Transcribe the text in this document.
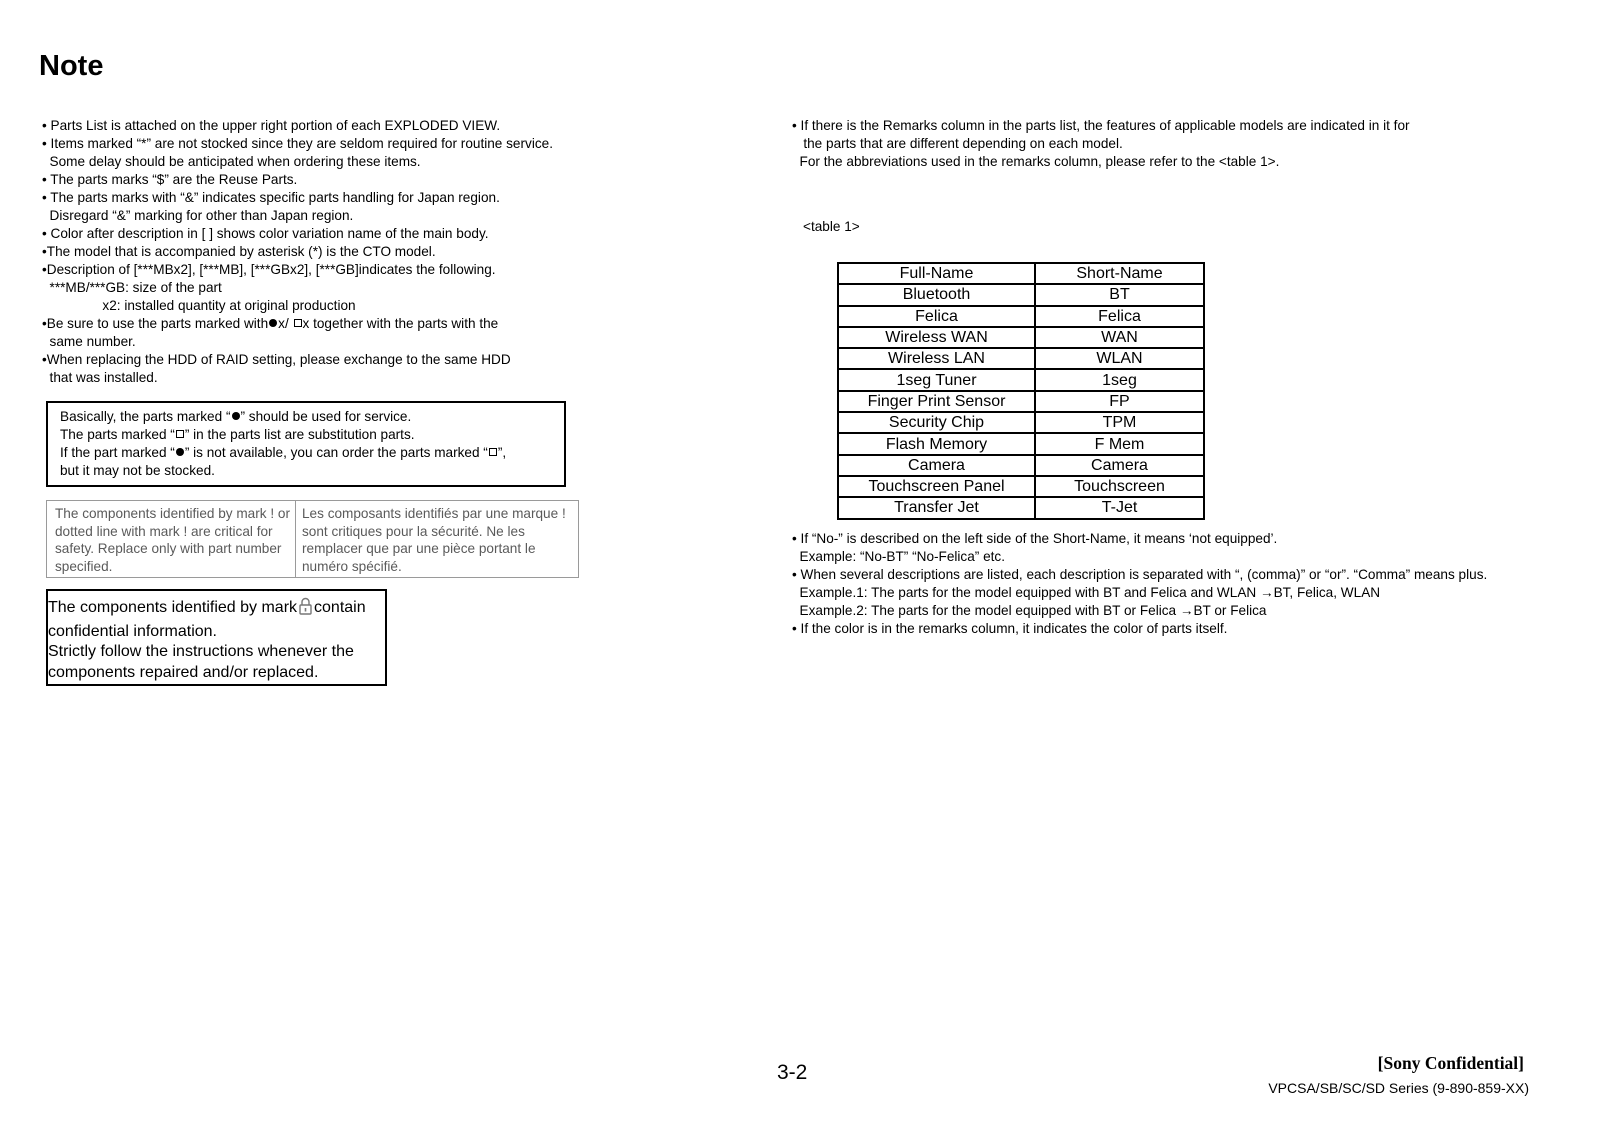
Note
• Parts List is attached on the upper right portion of each EXPLODED VIEW.
• Items marked “*” are not stocked since they are seldom required for routine service.
Some delay should be anticipated when ordering these items.
• The parts marks “$” are the Reuse Parts.
• The parts marks with “&” indicates specific parts handling for Japan region.
Disregard “&” marking for other than Japan region.
• Color after description in [ ] shows color variation name of the main body.
•The model that is accompanied by asterisk (*) is the CTO model.
•Description of [***MBx2], [***MB], [***GBx2], [***GB]indicates the following.
***MB/***GB: size of the part
x2: installed quantity at original production
•Be sure to use the parts marked with x/ x together with the parts with the
same number.
•When replacing the HDD of RAID setting, please exchange to the same HDD
that was installed.
Basically, the parts marked “ ” should be used for service.
The parts marked “ ” in the parts list are substitution parts.
If the part marked “ ” is not available, you can order the parts marked “ ”,
but it may not be stocked.
The components identified by mark ! or dotted line with mark ! are critical for safety. Replace only with part number specified.
Les composants identifiés par une marque ! sont critiques pour la sécurité. Ne les remplacer que par une pièce portant le numéro spécifié.
The components identified by mark contain
confidential information.
Strictly follow the instructions whenever the
components repaired and/or replaced.
• If there is the Remarks column in the parts list, the features of applicable models are indicated in it for
the parts that are different depending on each model.
For the abbreviations used in the remarks column, please refer to the <table 1>.
<table 1>
Full-Name	Short-Name
Bluetooth	BT
Felica	Felica
Wireless WAN	WAN
Wireless LAN	WLAN
1seg Tuner	1seg
Finger Print Sensor	FP
Security Chip	TPM
Flash Memory	F Mem
Camera	Camera
Touchscreen Panel	Touchscreen
Transfer Jet	T-Jet
• If “No-” is described on the left side of the Short-Name, it means ‘not equipped’.
Example: “No-BT” “No-Felica” etc.
• When several descriptions are listed, each description is separated with “, (comma)” or “or”. “Comma” means plus.
Example.1: The parts for the model equipped with BT and Felica and WLAN →BT, Felica, WLAN
Example.2: The parts for the model equipped with BT or Felica →BT or Felica
• If the color is in the remarks column, it indicates the color of parts itself.
3-2	[Sony Confidential]
VPCSA/SB/SC/SD Series (9-890-859-XX)
